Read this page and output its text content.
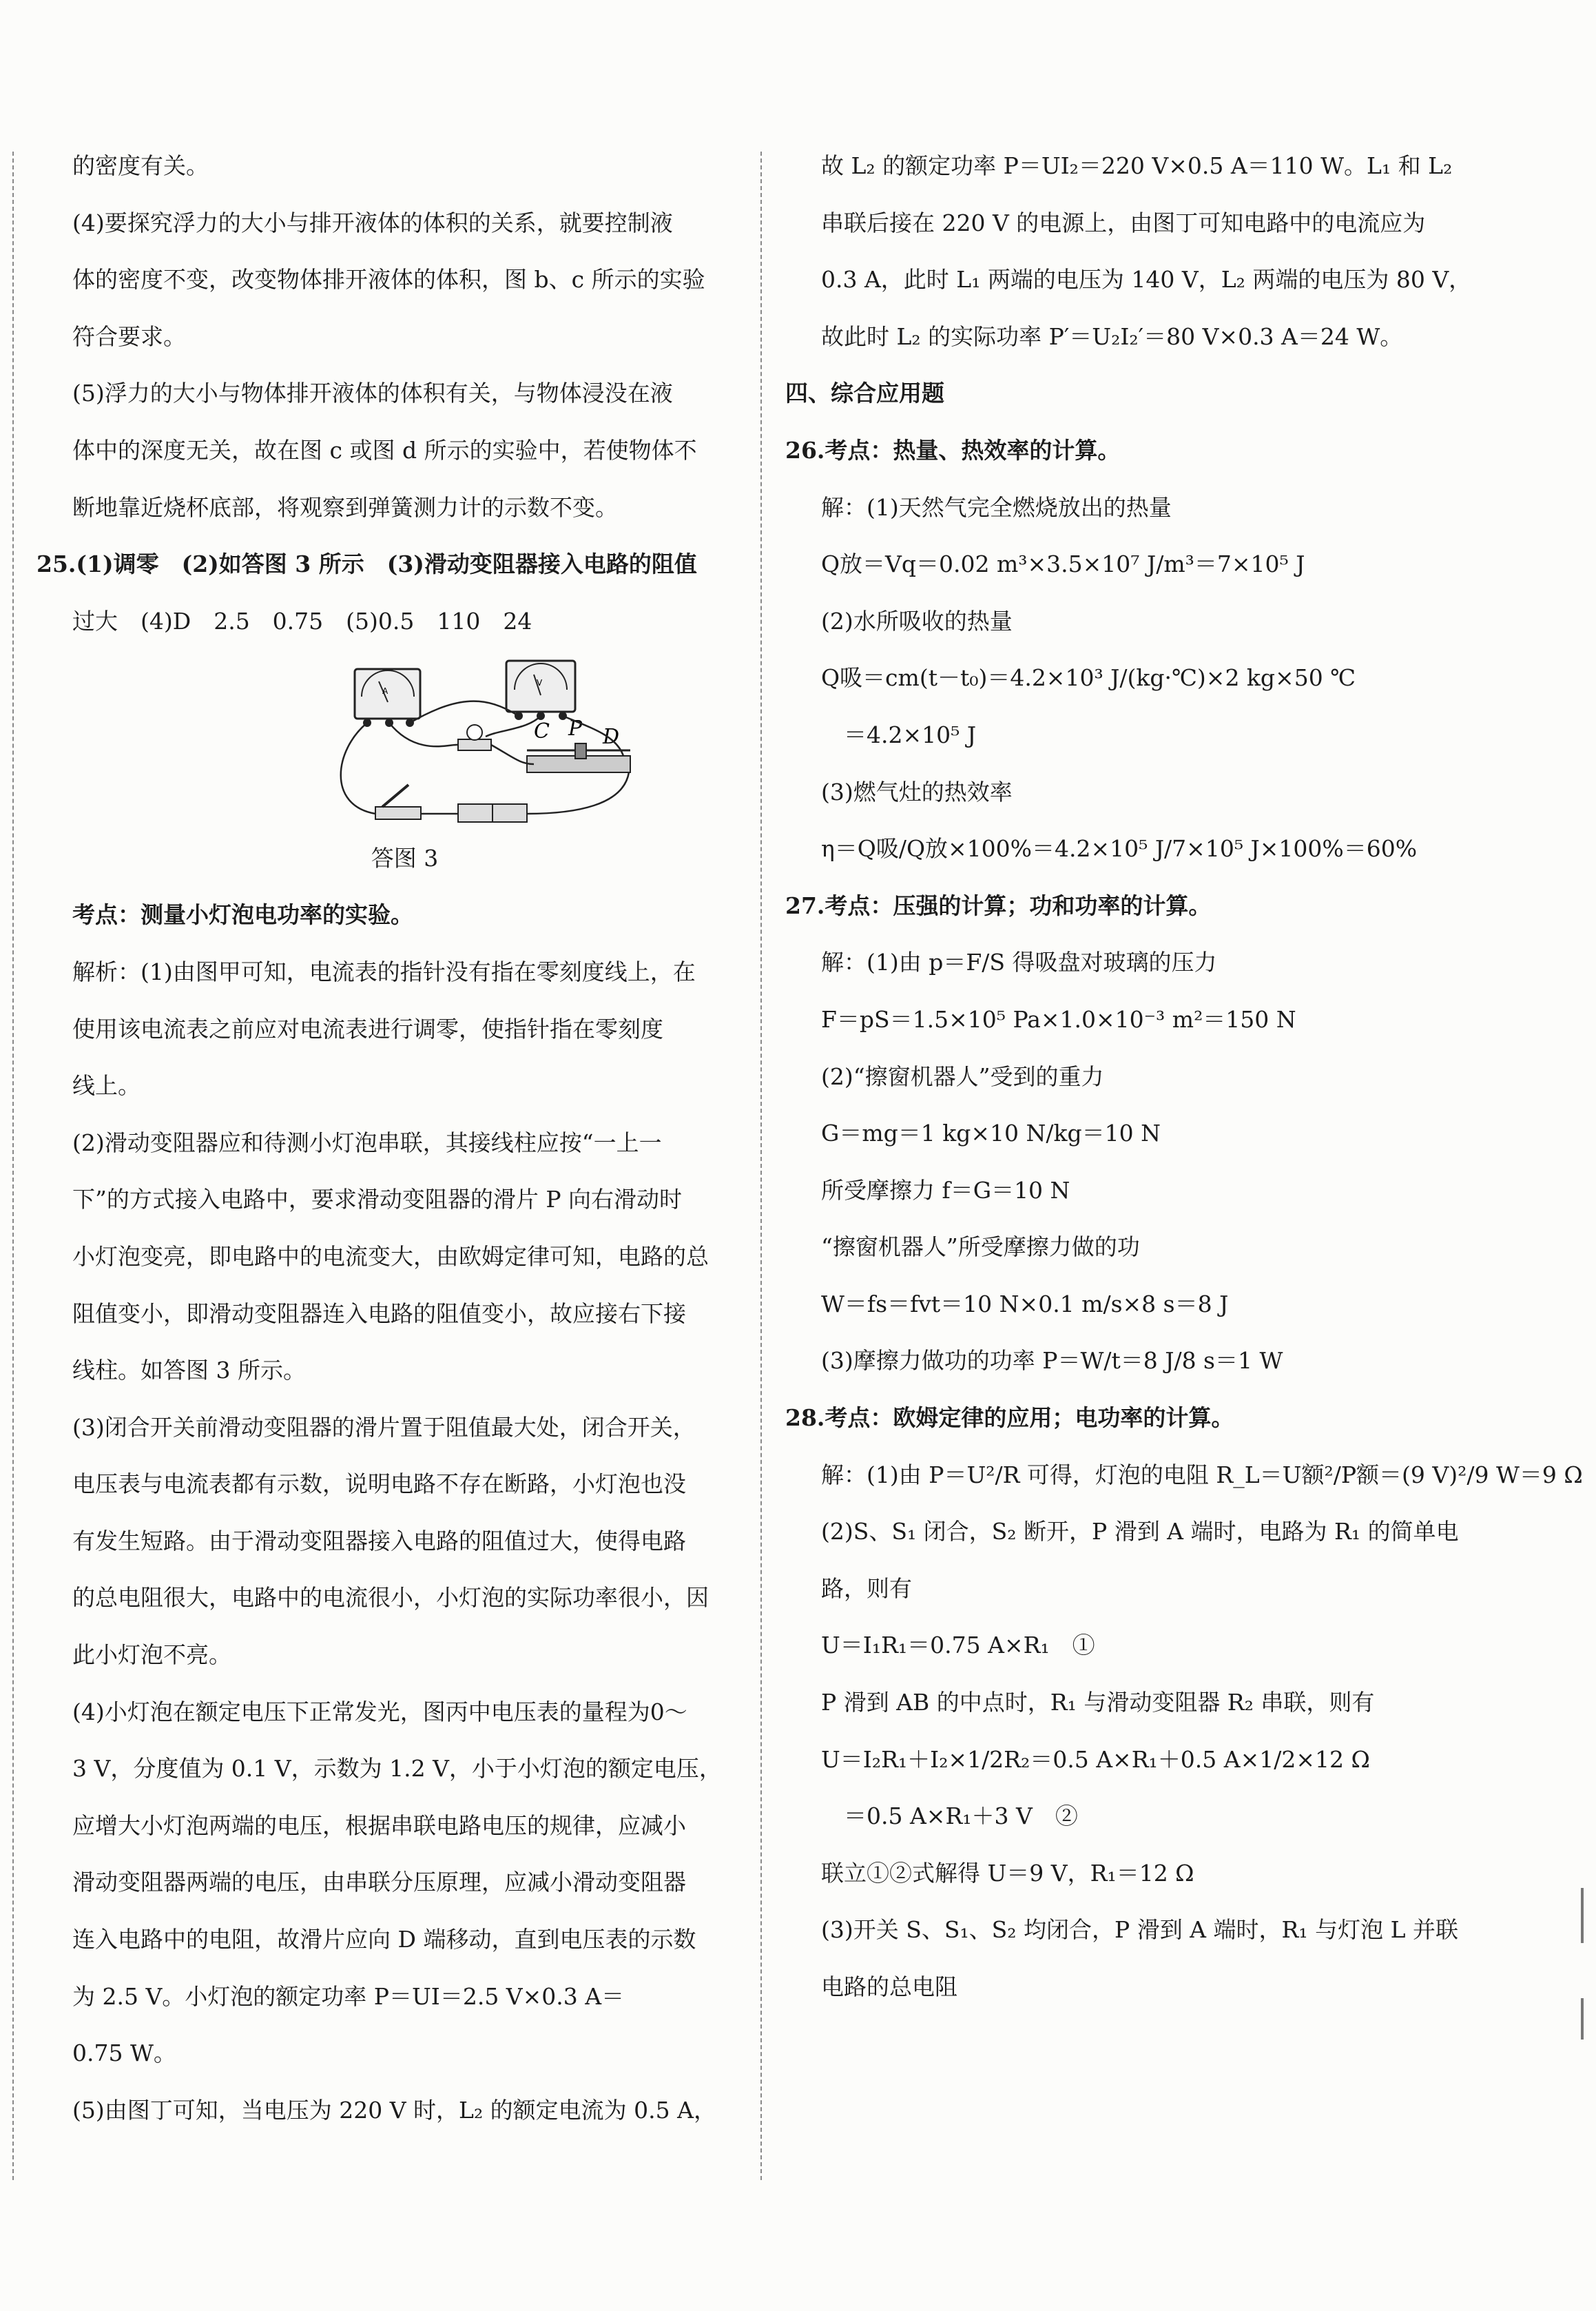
的密度有关。
(4)要探究浮力的大小与排开液体的体积的关系，就要控制液
体的密度不变，改变物体排开液体的体积，图 b、c 所示的实验
符合要求。
(5)浮力的大小与物体排开液体的体积有关，与物体浸没在液
体中的深度无关，故在图 c 或图 d 所示的实验中，若使物体不
断地靠近烧杯底部，将观察到弹簧测力计的示数不变。
25.(1)调零　(2)如答图 3 所示　(3)滑动变阻器接入电路的阻值
过大　(4)D　2.5　0.75　(5)0.5　110　24
A
V
C P D
答图 3
考点：测量小灯泡电功率的实验。
解析：(1)由图甲可知，电流表的指针没有指在零刻度线上，在
使用该电流表之前应对电流表进行调零，使指针指在零刻度
线上。
(2)滑动变阻器应和待测小灯泡串联，其接线柱应按“一上一
下”的方式接入电路中，要求滑动变阻器的滑片 P 向右滑动时
小灯泡变亮，即电路中的电流变大，由欧姆定律可知，电路的总
阻值变小，即滑动变阻器连入电路的阻值变小，故应接右下接
线柱。如答图 3 所示。
(3)闭合开关前滑动变阻器的滑片置于阻值最大处，闭合开关，
电压表与电流表都有示数，说明电路不存在断路，小灯泡也没
有发生短路。由于滑动变阻器接入电路的阻值过大，使得电路
的总电阻很大，电路中的电流很小，小灯泡的实际功率很小，因
此小灯泡不亮。
(4)小灯泡在额定电压下正常发光，图丙中电压表的量程为0～
3 V，分度值为 0.1 V，示数为 1.2 V，小于小灯泡的额定电压，
应增大小灯泡两端的电压，根据串联电路电压的规律，应减小
滑动变阻器两端的电压，由串联分压原理，应减小滑动变阻器
连入电路中的电阻，故滑片应向 D 端移动，直到电压表的示数
为 2.5 V。小灯泡的额定功率 P＝UI＝2.5 V×0.3 A＝
0.75 W。
(5)由图丁可知，当电压为 220 V 时，L₂ 的额定电流为 0.5 A，
故 L₂ 的额定功率 P＝UI₂＝220 V×0.5 A＝110 W。L₁ 和 L₂
串联后接在 220 V 的电源上，由图丁可知电路中的电流应为
0.3 A，此时 L₁ 两端的电压为 140 V，L₂ 两端的电压为 80 V，
故此时 L₂ 的实际功率 P′＝U₂I₂′＝80 V×0.3 A＝24 W。
四、综合应用题
26.考点：热量、热效率的计算。
解：(1)天然气完全燃烧放出的热量
Q放＝Vq＝0.02 m³×3.5×10⁷ J/m³＝7×10⁵ J
(2)水所吸收的热量
Q吸＝cm(t－t₀)＝4.2×10³ J/(kg·℃)×2 kg×50 ℃
　＝4.2×10⁵ J
(3)燃气灶的热效率
η＝Q吸/Q放×100%＝4.2×10⁵ J/7×10⁵ J×100%＝60%
27.考点：压强的计算；功和功率的计算。
解：(1)由 p＝F/S 得吸盘对玻璃的压力
F＝pS＝1.5×10⁵ Pa×1.0×10⁻³ m²＝150 N
(2)“擦窗机器人”受到的重力
G＝mg＝1 kg×10 N/kg＝10 N
所受摩擦力 f＝G＝10 N
“擦窗机器人”所受摩擦力做的功
W＝fs＝fvt＝10 N×0.1 m/s×8 s＝8 J
(3)摩擦力做功的功率 P＝W/t＝8 J/8 s＝1 W
28.考点：欧姆定律的应用；电功率的计算。
解：(1)由 P＝U²/R 可得，灯泡的电阻 R_L＝U额²/P额＝(9 V)²/9 W＝9 Ω
(2)S、S₁ 闭合，S₂ 断开，P 滑到 A 端时，电路为 R₁ 的简单电
路，则有
U＝I₁R₁＝0.75 A×R₁　①
P 滑到 AB 的中点时，R₁ 与滑动变阻器 R₂ 串联，则有
U＝I₂R₁＋I₂×1/2R₂＝0.5 A×R₁＋0.5 A×1/2×12 Ω
　＝0.5 A×R₁＋3 V　②
联立①②式解得 U＝9 V，R₁＝12 Ω
(3)开关 S、S₁、S₂ 均闭合，P 滑到 A 端时，R₁ 与灯泡 L 并联
电路的总电阻
